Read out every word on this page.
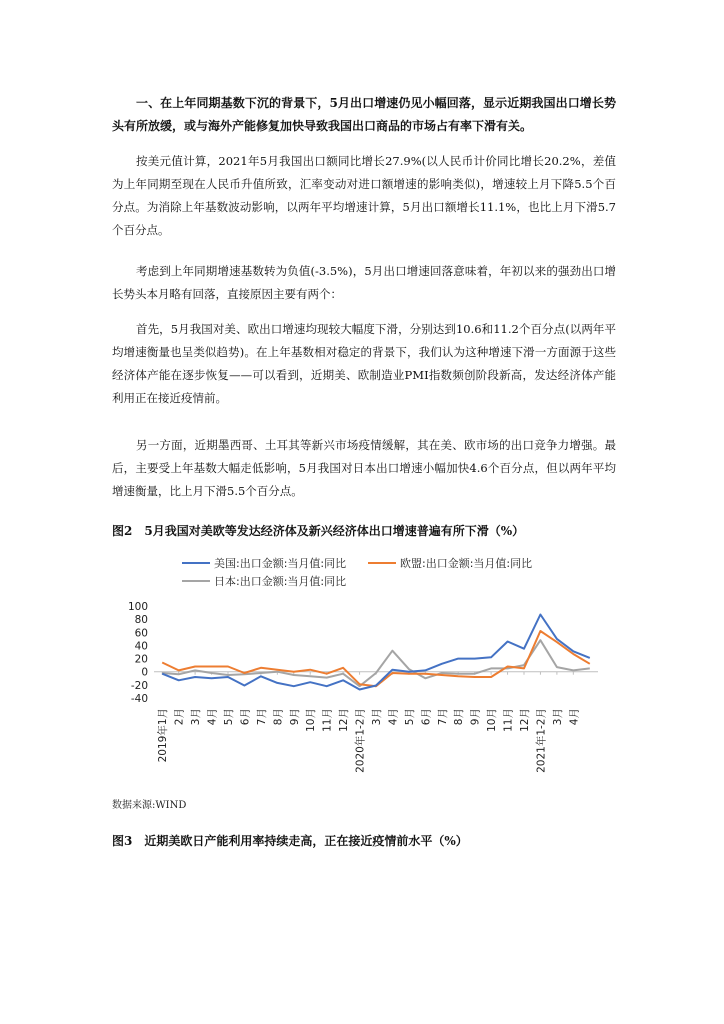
一、在上年同期基数下沉的背景下，5月出口增速仍见小幅回落，显示近期我国出口增长势头有所放缓，或与海外产能修复加快导致我国出口商品的市场占有率下滑有关。

按美元值计算，2021年5月我国出口额同比增长27.9%(以人民币计价同比增长20.2%，差值为上年同期至现在人民币升值所致，汇率变动对进口额增速的影响类似)，增速较上月下降5.5个百分点。为消除上年基数波动影响，以两年平均增速计算，5月出口额增长11.1%，也比上月下滑5.7个百分点。

考虑到上年同期增速基数转为负值(-3.5%)，5月出口增速回落意味着，年初以来的强劲出口增长势头本月略有回落，直接原因主要有两个：

首先，5月我国对美、欧出口增速均现较大幅度下滑，分别达到10.6和11.2个百分点(以两年平均增速衡量也呈类似趋势)。在上年基数相对稳定的背景下，我们认为这种增速下滑一方面源于这些经济体产能在逐步恢复——可以看到，近期美、欧制造业PMI指数频创阶段新高，发达经济体产能利用正在接近疫情前。

另一方面，近期墨西哥、土耳其等新兴市场疫情缓解，其在美、欧市场的出口竞争力增强。最后，主要受上年基数大幅走低影响，5月我国对日本出口增速小幅加快4.6个百分点，但以两年平均增速衡量，比上月下滑5.5个百分点。

图2　5月我国对美欧等发达经济体及新兴经济体出口增速普遍有所下滑（%）

美国:出口金额:当月值:同比	欧盟:出口金额:当月值:同比
日本:出口金额:当月值:同比
-40
-20
0
20
40
60
80
100
2019年1月 2月 3月 4月 5月 6月 7月 8月 9月 10月 11月 12月 2020年1-2月 3月 4月 5月 6月 7月 8月 9月 10月 11月 12月 2021年1-2月 3月 4月

数据来源:WIND

图3　近期美欧日产能利用率持续走高，正在接近疫情前水平（%）
